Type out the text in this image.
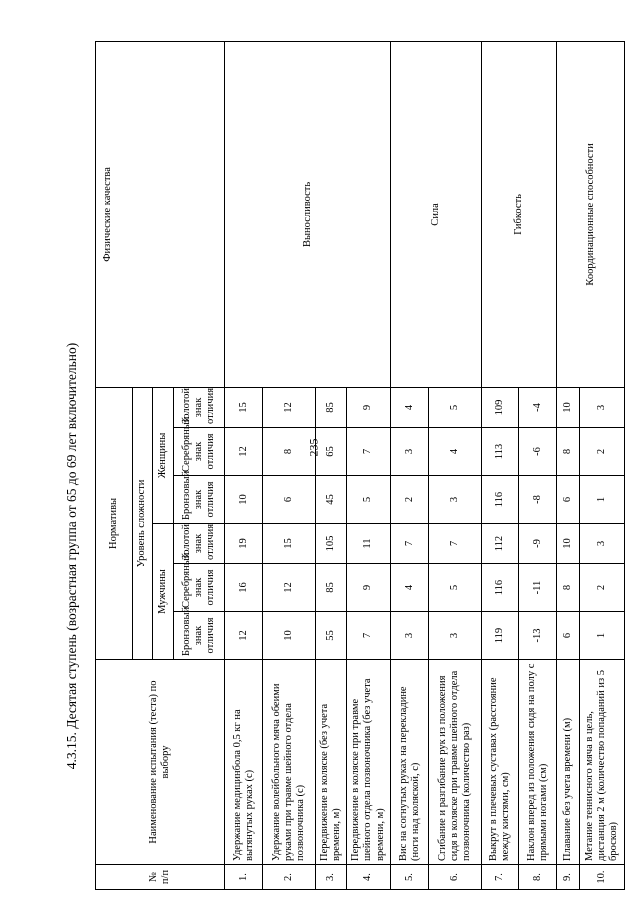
235
4.3.15. Десятая ступень (возрастная группа от 65 до 69 лет включительно)
№ п/п	Наименование испытания (теста) по выбору	Нормативы						Физические качества
		Уровень сложности						
		Мужчины			Женщины			
		Бронзовый знак отличия	Серебряный знак отличия	Золотой знак отличия	Бронзовый знак отличия	Серебряный знак отличия	Золотой знак отличия	
1.	Удержание медицинбола 0,5 кг на вытянутых руках (с)	12	16	19	10	12	15	Выносливость
2.	Удержание волейбольного мяча обеими руками при травме шейного отдела позвоночника (с)	10	12	15	6	8	12	
3.	Передвижение в коляске (без учета времени, м)	55	85	105	45	65	85	
4.	Передвижение в коляске при травме шейного отдела позвоночника (без учета времени, м)	7	9	11	5	7	9	
5.	Вис на согнутых руках на перекладине (ноги над коляской, с)	3	4	7	2	3	4	Сила
6.	Сгибание и разгибание рук из положения сидя в коляске при травме шейного отдела позвоночника (количество раз)	3	5	7	3	4	5	
7.	Выкрут в плечевых суставах (расстояние между кистями, см)	119	116	112	116	113	109	Гибкость
8.	Наклон вперед из положения сидя на полу с прямыми ногами (см)	-13	-11	-9	-8	-6	-4	
9.	Плавание без учета времени (м)	6	8	10	6	8	10	Координационные способности
10.	Метание теннисного мяча в цель, дистанция 2 м (количество попаданий из 5 бросков)	1	2	3	1	2	3	
